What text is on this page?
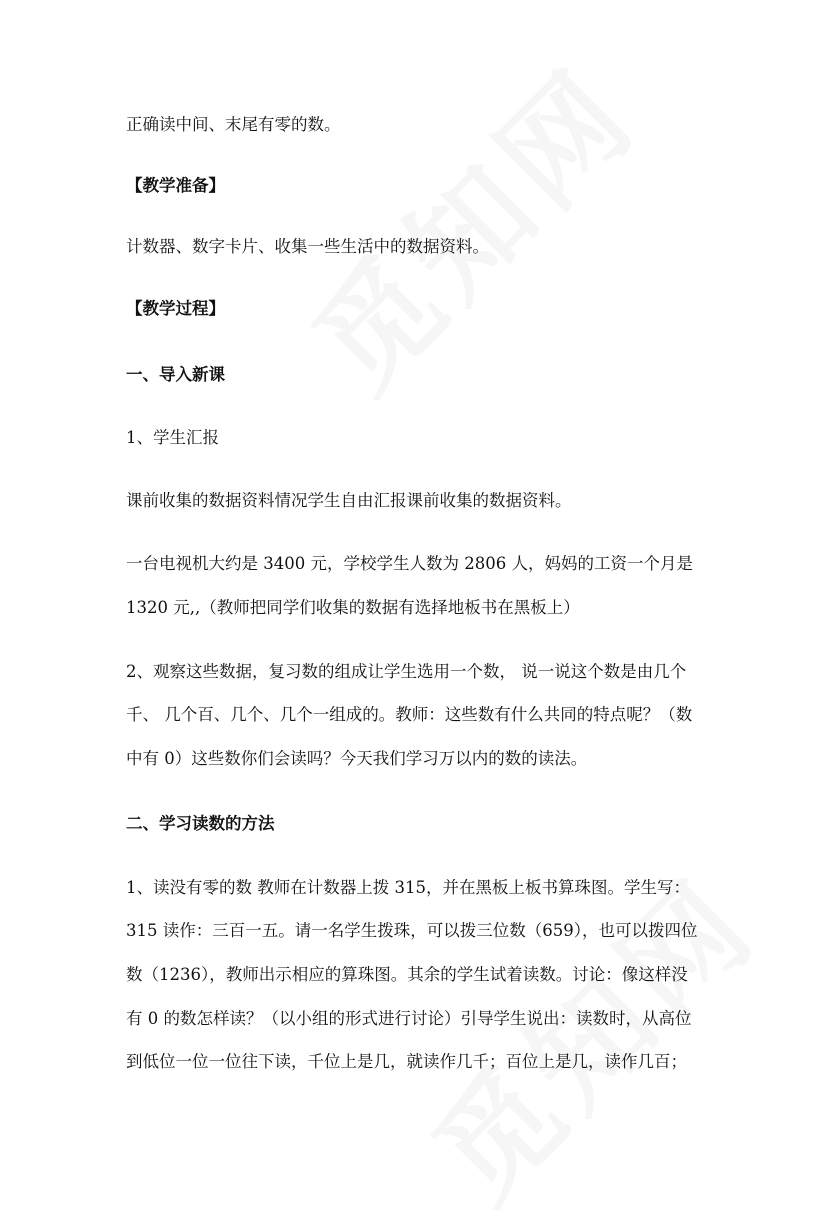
正确读中间、末尾有零的数。
【教学准备】
计数器、数字卡片、收集一些生活中的数据资料。
【教学过程】
一、导入新课
1、学生汇报
课前收集的数据资料情况学生自由汇报课前收集的数据资料。
一台电视机大约是 3400 元，学校学生人数为 2806 人，妈妈的工资一个月是
1320 元,,（教师把同学们收集的数据有选择地板书在黑板上）
2、观察这些数据，复习数的组成让学生选用一个数， 说一说这个数是由几个
千、 几个百、几个、几个一组成的。教师：这些数有什么共同的特点呢？（数
中有 0）这些数你们会读吗？今天我们学习万以内的数的读法。
二、学习读数的方法
1、读没有零的数 教师在计数器上拨 315，并在黑板上板书算珠图。学生写：
315 读作：三百一五。请一名学生拨珠，可以拨三位数（659），也可以拨四位
数（1236），教师出示相应的算珠图。其余的学生试着读数。讨论：像这样没
有 0 的数怎样读？（以小组的形式进行讨论）引导学生说出：读数时，从高位
到低位一位一位往下读，千位上是几，就读作几千；百位上是几，读作几百；
